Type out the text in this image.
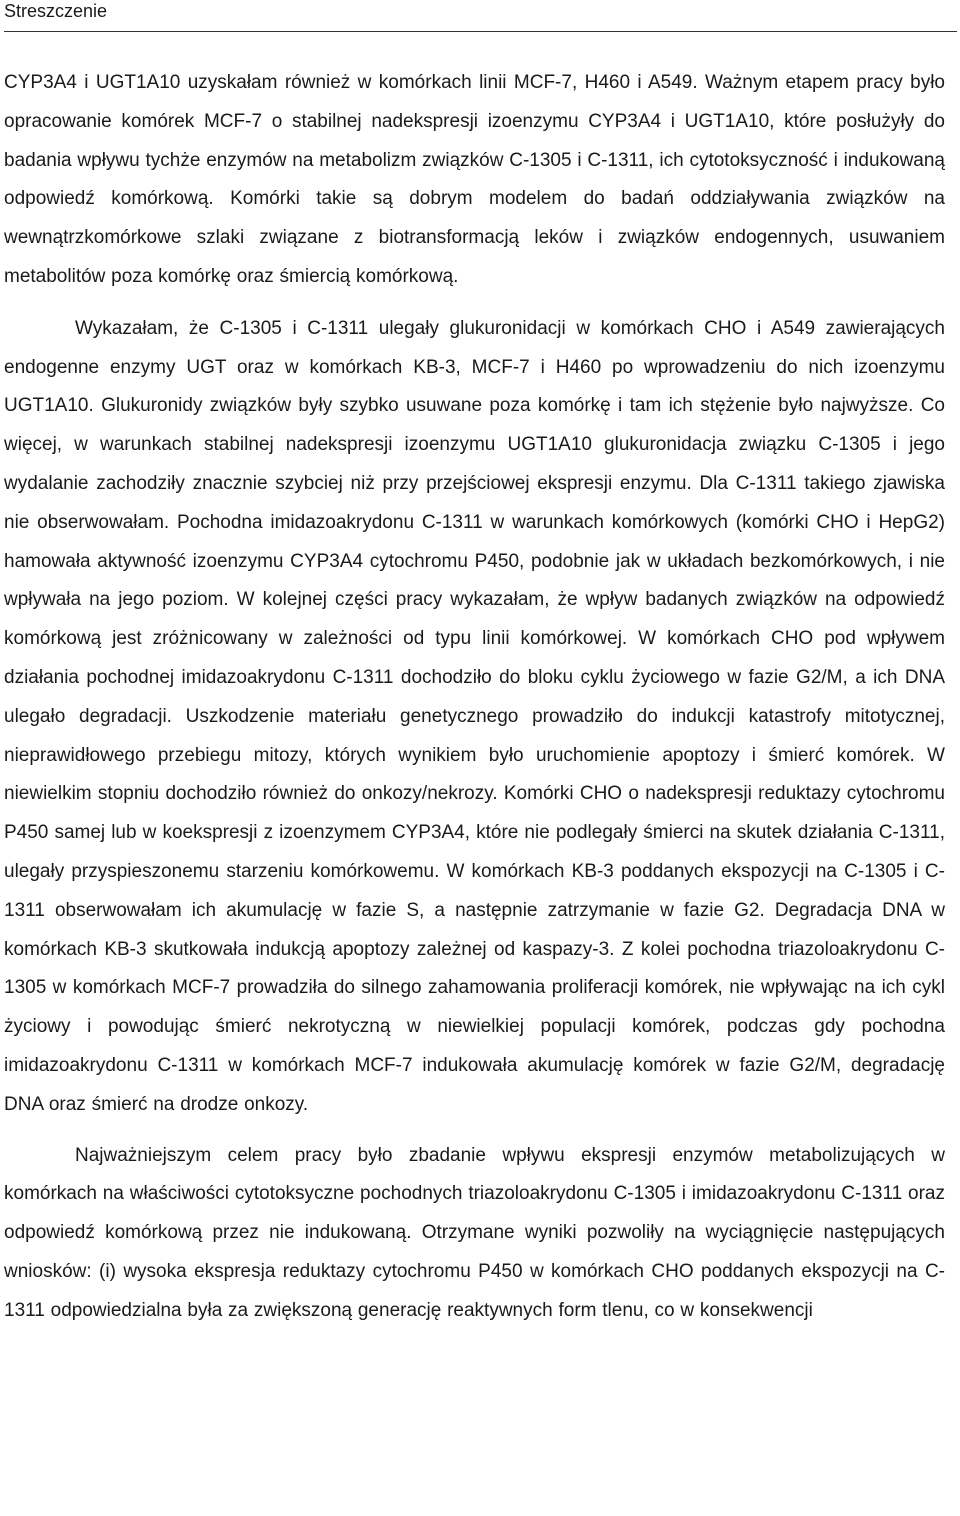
Streszczenie

CYP3A4 i UGT1A10 uzyskałam również w komórkach linii MCF-7, H460 i A549. Ważnym etapem pracy było opracowanie komórek MCF-7 o stabilnej nadekspresji izoenzymu CYP3A4 i UGT1A10, które posłużyły do badania wpływu tychże enzymów na metabolizm związków C-1305 i C-1311, ich cytotoksyczność i indukowaną odpowiedź komórkową. Komórki takie są dobrym modelem do badań oddziaływania związków na wewnątrzkomórkowe szlaki związane z biotransformacją leków i związków endogennych, usuwaniem metabolitów poza komórkę oraz śmiercią komórkową.

Wykazałam, że C-1305 i C-1311 ulegały glukuronidacji w komórkach CHO i A549 zawierających endogenne enzymy UGT oraz w komórkach KB-3, MCF-7 i H460 po wprowadzeniu do nich izoenzymu UGT1A10. Glukuronidy związków były szybko usuwane poza komórkę i tam ich stężenie było najwyższe. Co więcej, w warunkach stabilnej nadekspresji izoenzymu UGT1A10 glukuronidacja związku C-1305 i jego wydalanie zachodziły znacznie szybciej niż przy przejściowej ekspresji enzymu. Dla C-1311 takiego zjawiska nie obserwowałam. Pochodna imidazoakrydonu C-1311 w warunkach komórkowych (komórki CHO i HepG2) hamowała aktywność izoenzymu CYP3A4 cytochromu P450, podobnie jak w układach bezkomórkowych, i nie wpływała na jego poziom. W kolejnej części pracy wykazałam, że wpływ badanych związków na odpowiedź komórkową jest zróżnicowany w zależności od typu linii komórkowej. W komórkach CHO pod wpływem działania pochodnej imidazoakrydonu C-1311 dochodziło do bloku cyklu życiowego w fazie G2/M, a ich DNA ulegało degradacji. Uszkodzenie materiału genetycznego prowadziło do indukcji katastrofy mitotycznej, nieprawidłowego przebiegu mitozy, których wynikiem było uruchomienie apoptozy i śmierć komórek. W niewielkim stopniu dochodziło również do onkozy/nekrozy. Komórki CHO o nadekspresji reduktazy cytochromu P450 samej lub w koekspresji z izoenzymem CYP3A4, które nie podlegały śmierci na skutek działania C-1311, ulegały przyspieszonemu starzeniu komórkowemu. W komórkach KB-3 poddanych ekspozycji na C-1305 i C-1311 obserwowałam ich akumulację w fazie S, a następnie zatrzymanie w fazie G2. Degradacja DNA w komórkach KB-3 skutkowała indukcją apoptozy zależnej od kaspazy-3. Z kolei pochodna triazoloakrydonu C-1305 w komórkach MCF-7 prowadziła do silnego zahamowania proliferacji komórek, nie wpływając na ich cykl życiowy i powodując śmierć nekrotyczną w niewielkiej populacji komórek, podczas gdy pochodna imidazoakrydonu C-1311 w komórkach MCF-7 indukowała akumulację komórek w fazie G2/M, degradację DNA oraz śmierć na drodze onkozy.

Najważniejszym celem pracy było zbadanie wpływu ekspresji enzymów metabolizujących w komórkach na właściwości cytotoksyczne pochodnych triazoloakrydonu C-1305 i imidazoakrydonu C-1311 oraz odpowiedź komórkową przez nie indukowaną. Otrzymane wyniki pozwoliły na wyciągnięcie następujących wniosków: (i) wysoka ekspresja reduktazy cytochromu P450 w komórkach CHO poddanych ekspozycji na C-1311 odpowiedzialna była za zwiększoną generację reaktywnych form tlenu, co w konsekwencji
